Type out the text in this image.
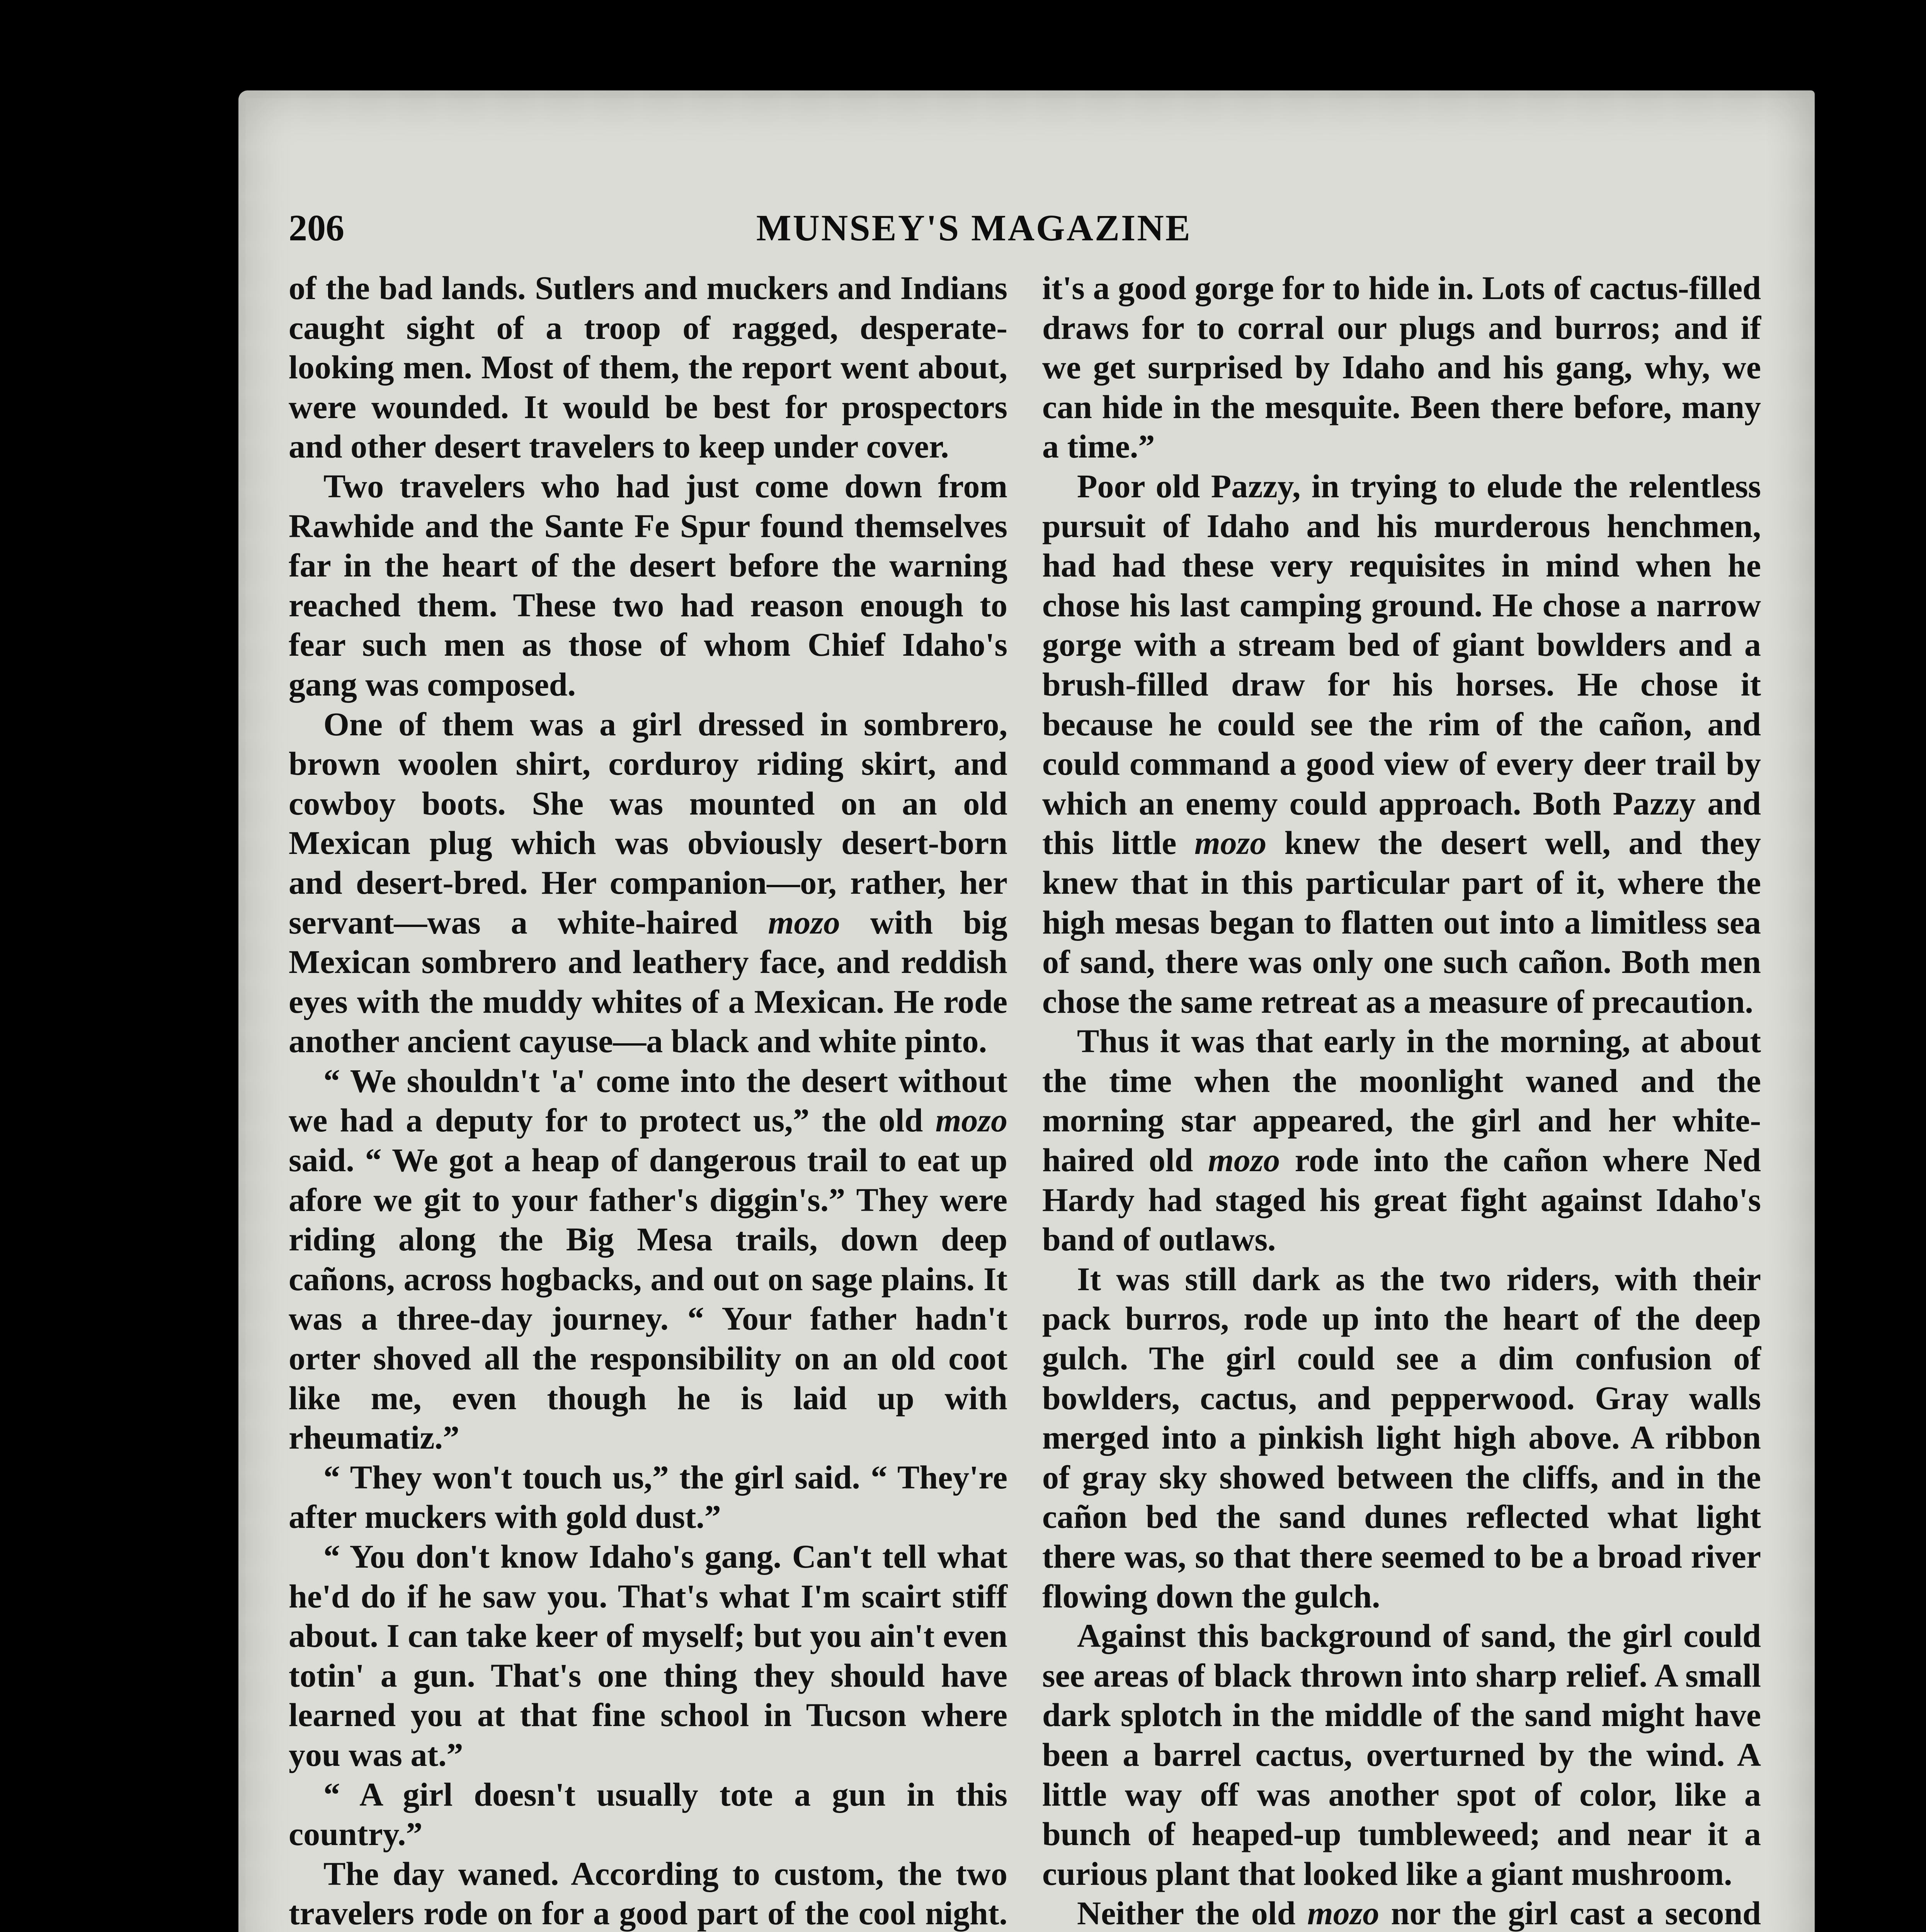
206	MUNSEY'S MAGAZINE

of the bad lands. Sutlers and muckers and Indians caught sight of a troop of ragged, desperate-looking men. Most of them, the report went about, were wounded. It would be best for prospectors and other desert travelers to keep under cover.

Two travelers who had just come down from Rawhide and the Sante Fe Spur found themselves far in the heart of the desert before the warning reached them. These two had reason enough to fear such men as those of whom Chief Idaho's gang was composed.

One of them was a girl dressed in sombrero, brown woolen shirt, corduroy riding skirt, and cowboy boots. She was mounted on an old Mexican plug which was obviously desert-born and desert-bred. Her companion—or, rather, her servant—was a white-haired mozo with big Mexican sombrero and leathery face, and reddish eyes with the muddy whites of a Mexican. He rode another ancient cayuse—a black and white pinto.

“ We shouldn't 'a' come into the desert without we had a deputy for to protect us,” the old mozo said. “ We got a heap of dangerous trail to eat up afore we git to your father's diggin's.” They were riding along the Big Mesa trails, down deep cañons, across hogbacks, and out on sage plains. It was a three-day journey. “ Your father hadn't orter shoved all the responsibility on an old coot like me, even though he is laid up with rheumatiz.”

“ They won't touch us,” the girl said. “ They're after muckers with gold dust.”

“ You don't know Idaho's gang. Can't tell what he'd do if he saw you. That's what I'm scairt stiff about. I can take keer of myself; but you ain't even totin' a gun. That's one thing they should have learned you at that fine school in Tucson where you was at.”

“ A girl doesn't usually tote a gun in this country.”

The day waned. According to custom, the two travelers rode on for a good part of the cool night.

it's a good gorge for to hide in. Lots of cactus-filled draws for to corral our plugs and burros; and if we get surprised by Idaho and his gang, why, we can hide in the mesquite. Been there before, many a time.”

Poor old Pazzy, in trying to elude the relentless pursuit of Idaho and his murderous henchmen, had had these very requisites in mind when he chose his last camping ground. He chose a narrow gorge with a stream bed of giant bowlders and a brush-filled draw for his horses. He chose it because he could see the rim of the cañon, and could command a good view of every deer trail by which an enemy could approach. Both Pazzy and this little mozo knew the desert well, and they knew that in this particular part of it, where the high mesas began to flatten out into a limitless sea of sand, there was only one such cañon. Both men chose the same retreat as a measure of precaution.

Thus it was that early in the morning, at about the time when the moonlight waned and the morning star appeared, the girl and her white-haired old mozo rode into the cañon where Ned Hardy had staged his great fight against Idaho's band of outlaws.

It was still dark as the two riders, with their pack burros, rode up into the heart of the deep gulch. The girl could see a dim confusion of bowlders, cactus, and pepperwood. Gray walls merged into a pinkish light high above. A ribbon of gray sky showed between the cliffs, and in the cañon bed the sand dunes reflected what light there was, so that there seemed to be a broad river flowing down the gulch.

Against this background of sand, the girl could see areas of black thrown into sharp relief. A small dark splotch in the middle of the sand might have been a barrel cactus, overturned by the wind. A little way off was another spot of color, like a bunch of heaped-up tumbleweed; and near it a curious plant that looked like a giant mushroom.

Neither the old mozo nor the girl cast a second
